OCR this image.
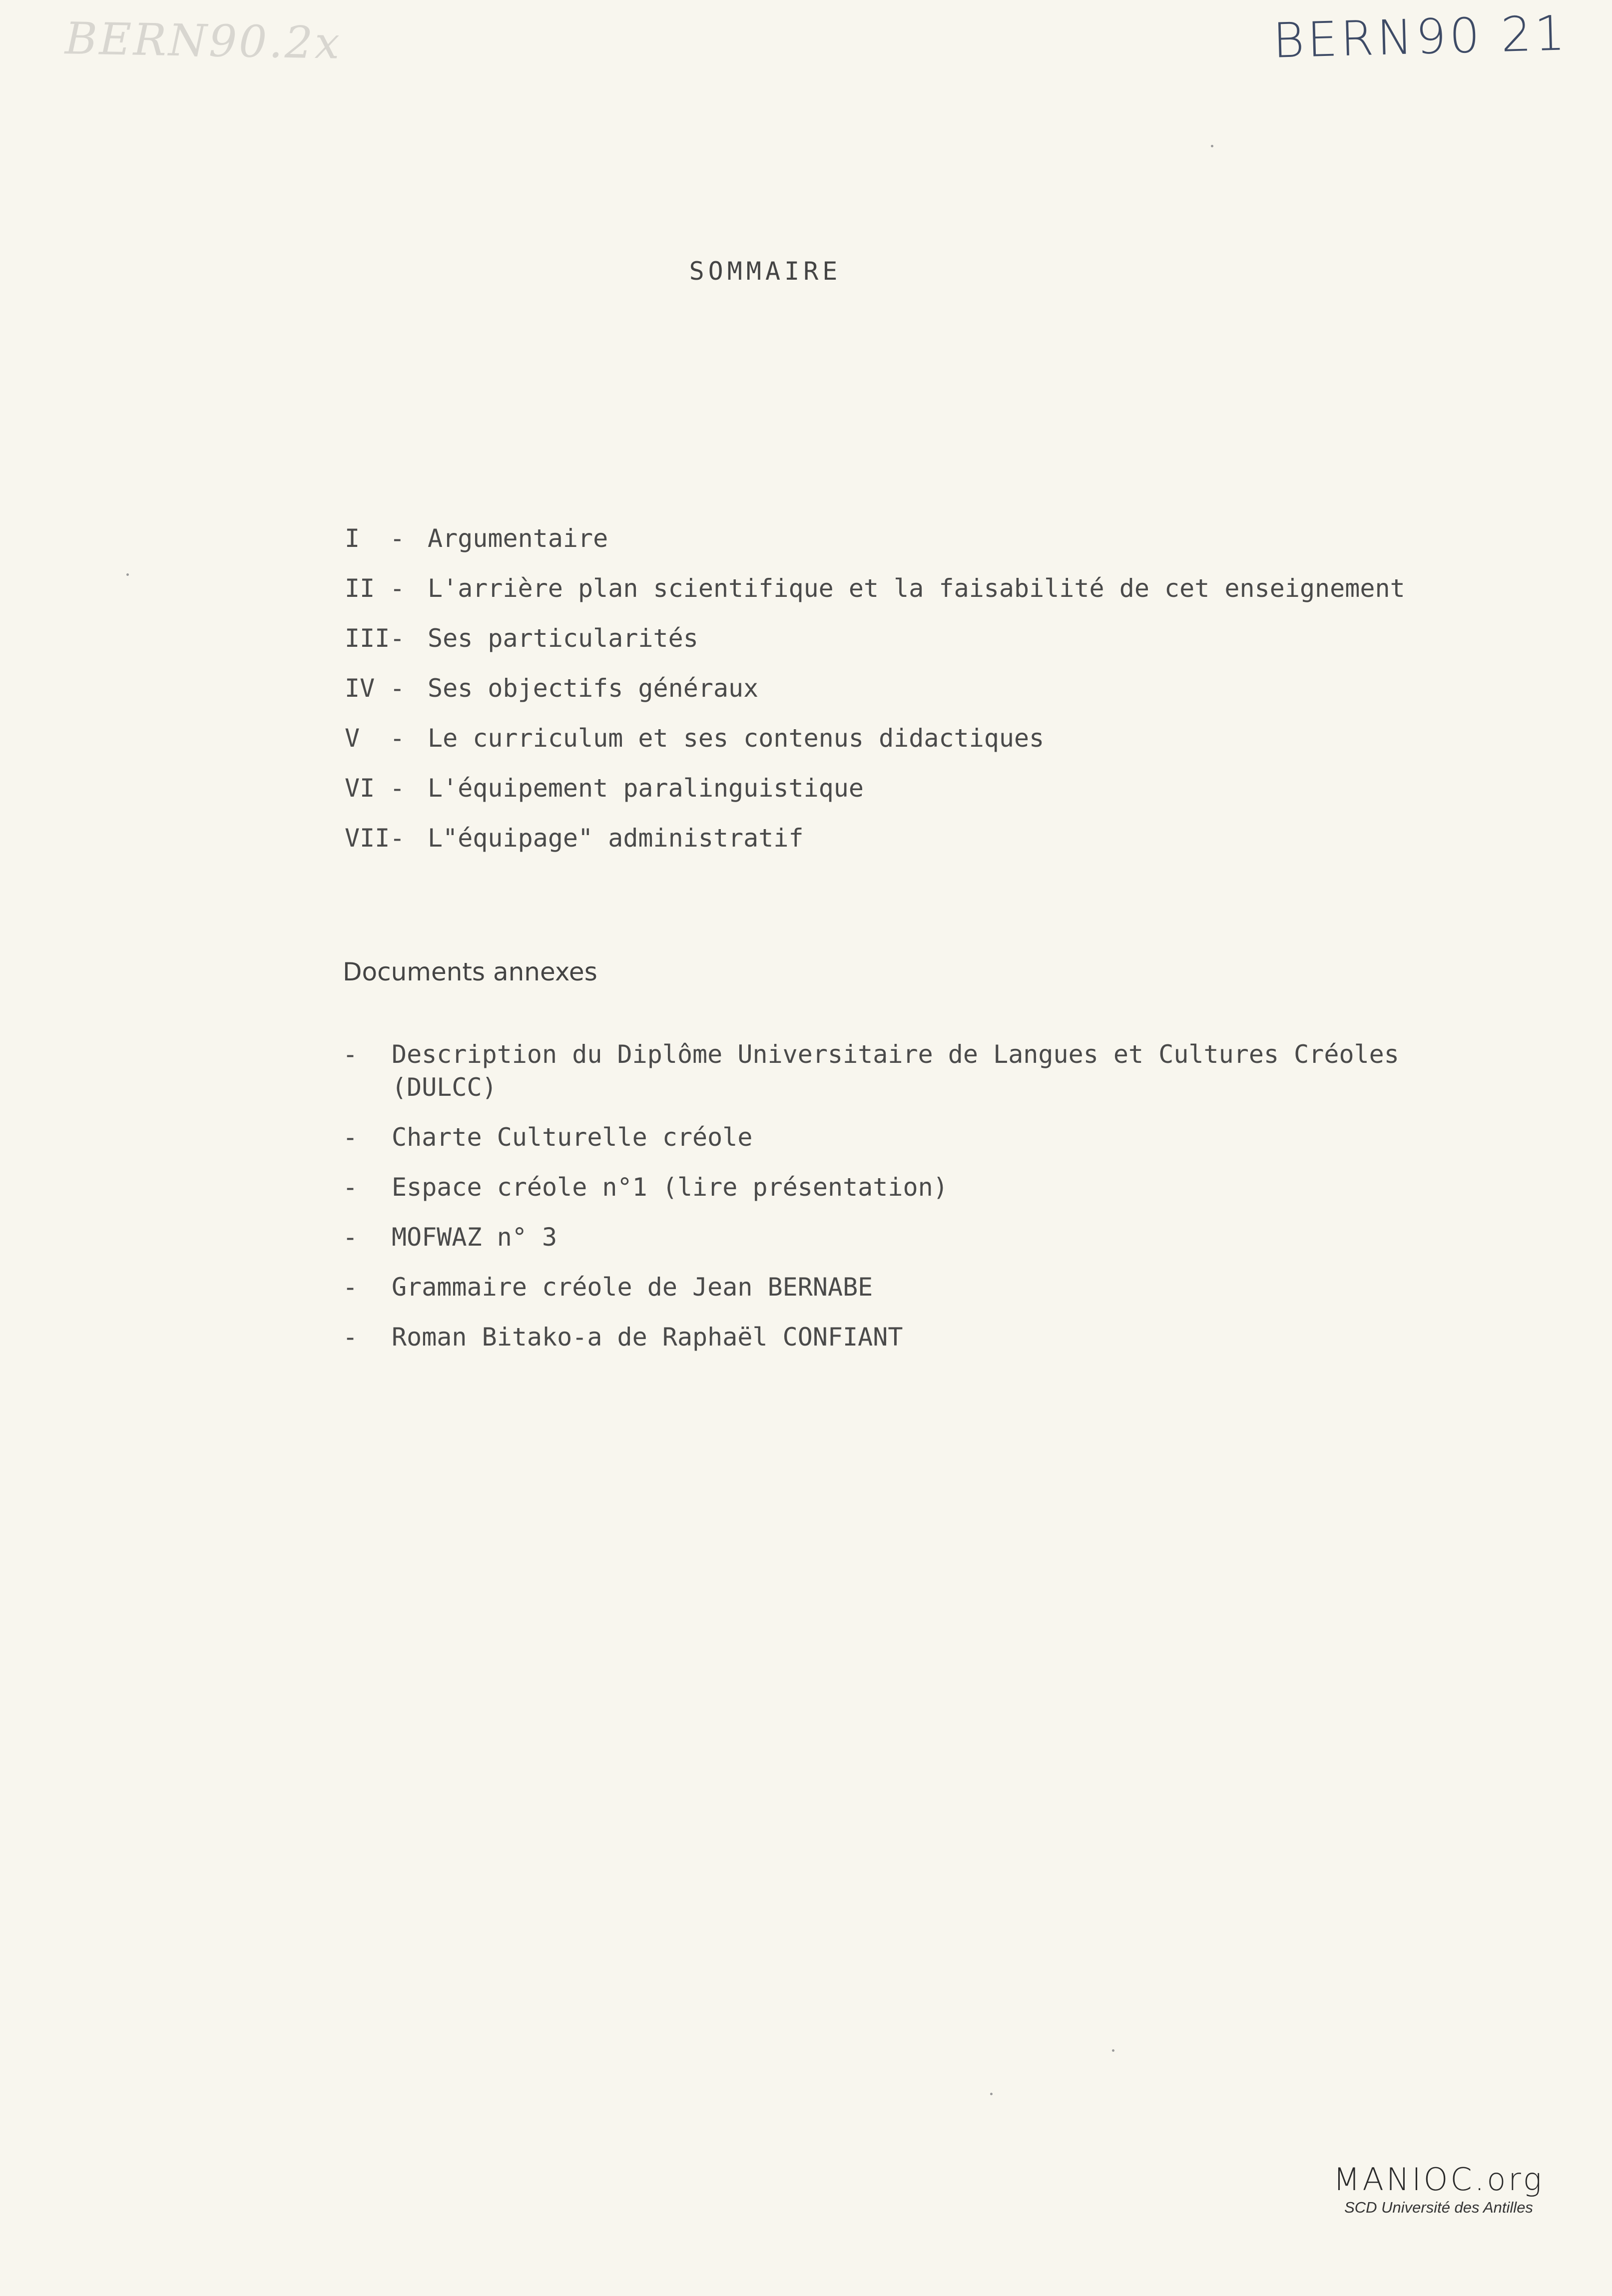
BERN90.2x	BERN90 21
SOMMAIRE
I  - Argumentaire
II - L'arrière plan scientifique et la faisabilité de cet enseignement
III- Ses particularités
IV - Ses objectifs généraux
V  - Le curriculum et ses contenus didactiques
VI - L'équipement paralinguistique
VII- L"équipage" administratif
Documents annexes
-	Description du Diplôme Universitaire de Langues et Cultures Créoles (DULCC)
-	Charte Culturelle créole
-	Espace créole n°1 (lire présentation)
-	MOFWAZ n° 3
-	Grammaire créole de Jean BERNABE
-	Roman Bitako-a de Raphaël CONFIANT
MANIOC.org
SCD Université des Antilles
